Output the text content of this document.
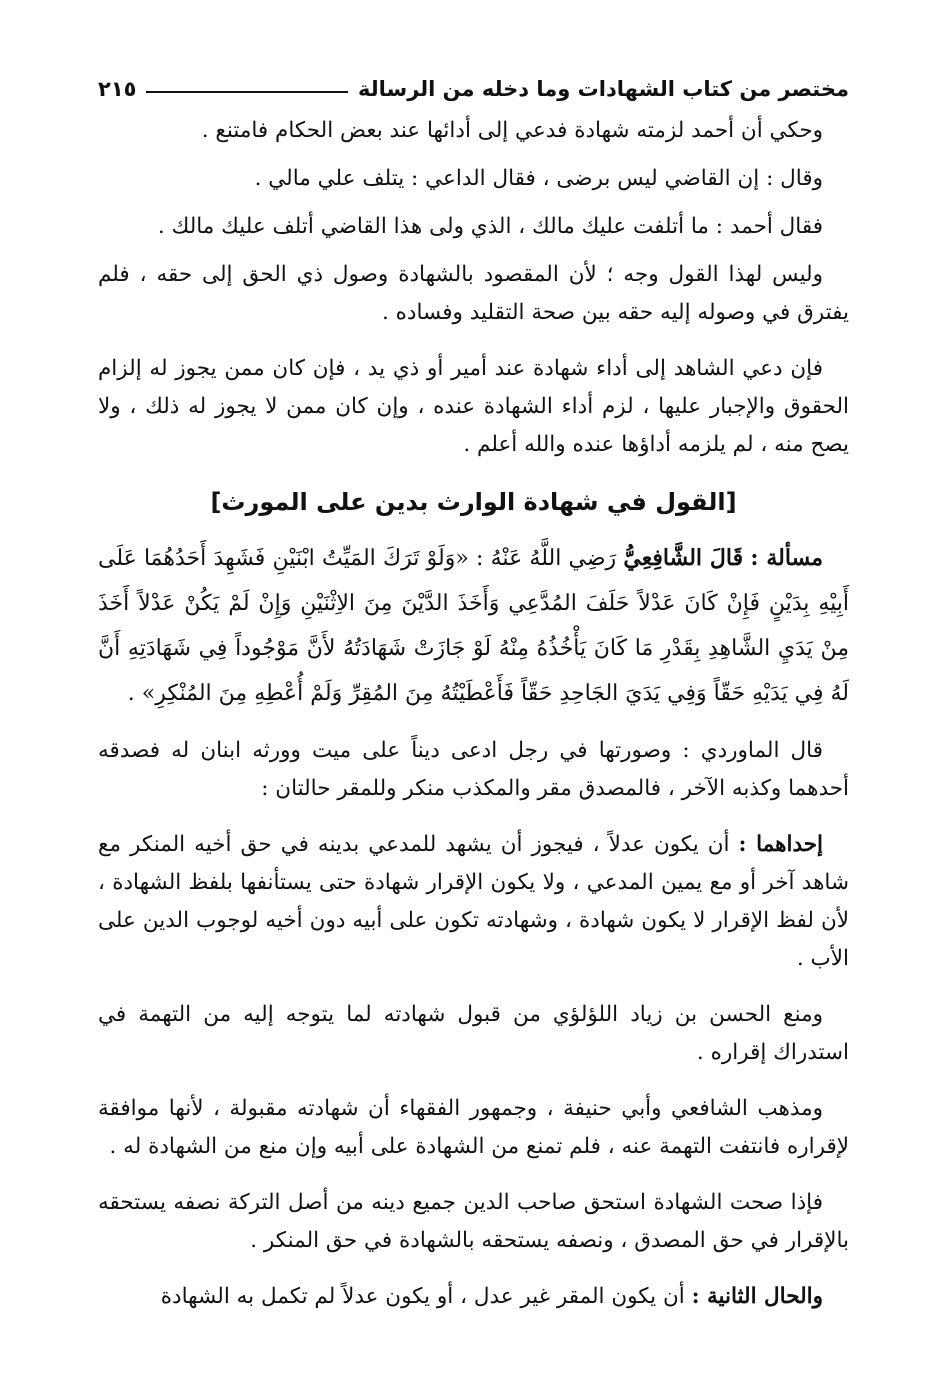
مختصر من كتاب الشهادات وما دخله من الرسالة
٢١٥

وحكي أن أحمد لزمته شهادة فدعي إلى أدائها عند بعض الحكام فامتنع .

وقال : إن القاضي ليس برضى ، فقال الداعي : يتلف علي مالي .

فقال أحمد : ما أتلفت عليك مالك ، الذي ولى هذا القاضي أتلف عليك مالك .

وليس لهذا القول وجه ؛ لأن المقصود بالشهادة وصول ذي الحق إلى حقه ، فلم يفترق في وصوله إليه حقه بين صحة التقليد وفساده .

فإن دعي الشاهد إلى أداء شهادة عند أمير أو ذي يد ، فإن كان ممن يجوز له إلزام الحقوق والإجبار عليها ، لزم أداء الشهادة عنده ، وإن كان ممن لا يجوز له ذلك ، ولا يصح منه ، لم يلزمه أداؤها عنده والله أعلم .

[القول في شهادة الوارث بدين على المورث]

مسألة : قَالَ الشَّافِعِيُّ رَضِي اللَّهُ عَنْهُ : «وَلَوْ تَرَكَ المَيِّتُ ابْنَيْنِ فَشَهِدَ أَحَدُهُمَا عَلَى أَبِيْهِ بِدَيْنٍ فَإِنْ كَانَ عَدْلاً حَلَفَ المُدَّعِي وَأَخَذَ الدَّيْنَ مِنَ الاِثْنَيْنِ وَإِنْ لَمْ يَكُنْ عَدْلاً أَخَذَ مِنْ يَدَيِ الشَّاهِدِ بِقَدْرِ مَا كَانَ يَأْخُذُهُ مِنْهُ لَوْ جَازَتْ شَهَادَتُهُ لأَنَّ مَوْجُوداً فِي شَهَادَتِهِ أَنَّ لَهُ فِي يَدَيْهِ حَقّاً وَفِي يَدَيَ الجَاحِدِ حَقّاً فَأَعْطَيْتُهُ مِنَ المُقِرِّ وَلَمْ أُعْطِهِ مِنَ المُنْكِرِ» .

قال الماوردي : وصورتها في رجل ادعى ديناً على ميت وورثه ابنان له فصدقه أحدهما وكذبه الآخر ، فالمصدق مقر والمكذب منكر وللمقر حالتان :

إحداهما : أن يكون عدلاً ، فيجوز أن يشهد للمدعي بدينه في حق أخيه المنكر مع شاهد آخر أو مع يمين المدعي ، ولا يكون الإقرار شهادة حتى يستأنفها بلفظ الشهادة ، لأن لفظ الإقرار لا يكون شهادة ، وشهادته تكون على أبيه دون أخيه لوجوب الدين على الأب .

ومنع الحسن بن زياد اللؤلؤي من قبول شهادته لما يتوجه إليه من التهمة في استدراك إقراره .

ومذهب الشافعي وأبي حنيفة ، وجمهور الفقهاء أن شهادته مقبولة ، لأنها موافقة لإقراره فانتفت التهمة عنه ، فلم تمنع من الشهادة على أبيه وإن منع من الشهادة له .

فإذا صحت الشهادة استحق صاحب الدين جميع دينه من أصل التركة نصفه يستحقه بالإقرار في حق المصدق ، ونصفه يستحقه بالشهادة في حق المنكر .

والحال الثانية : أن يكون المقر غير عدل ، أو يكون عدلاً لم تكمل به الشهادة
